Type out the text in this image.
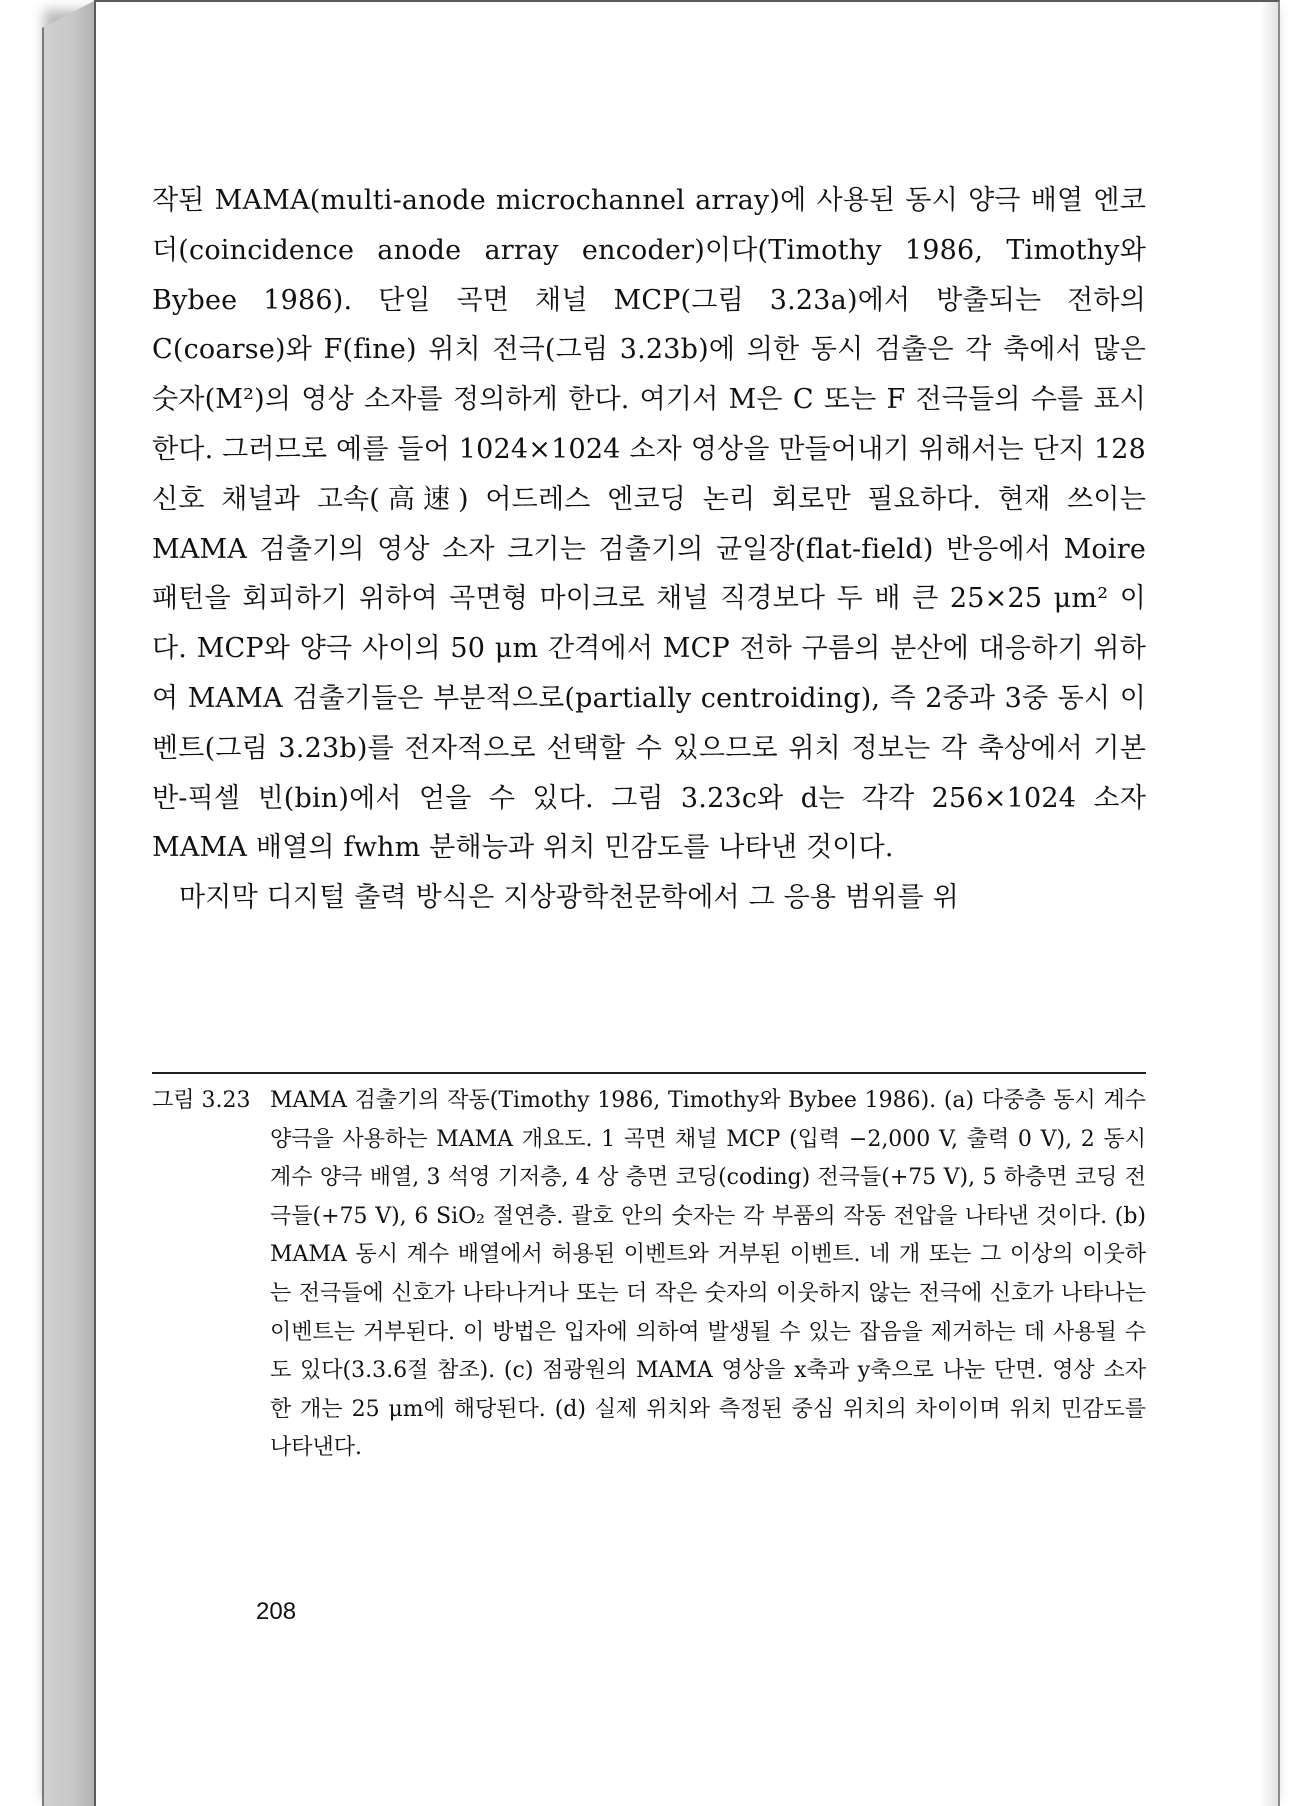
작된 MAMA(multi-anode microchannel array)에 사용된 동시 양극 배열 엔코더(coincidence anode array encoder)이다(Timothy 1986, Timothy와 Bybee 1986). 단일 곡면 채널 MCP(그림 3.23a)에서 방출되는 전하의 C(coarse)와 F(fine) 위치 전극(그림 3.23b)에 의한 동시 검출은 각 축에서 많은 숫자(M²)의 영상 소자를 정의하게 한다. 여기서 M은 C 또는 F 전극들의 수를 표시한다. 그러므로 예를 들어 1024×1024 소자 영상을 만들어내기 위해서는 단지 128 신호 채널과 고속(高速) 어드레스 엔코딩 논리 회로만 필요하다. 현재 쓰이는 MAMA 검출기의 영상 소자 크기는 검출기의 균일장(flat-field) 반응에서 Moire 패턴을 회피하기 위하여 곡면형 마이크로 채널 직경보다 두 배 큰 25×25 μm² 이다. MCP와 양극 사이의 50 μm 간격에서 MCP 전하 구름의 분산에 대응하기 위하여 MAMA 검출기들은 부분적으로(partially centroiding), 즉 2중과 3중 동시 이벤트(그림 3.23b)를 전자적으로 선택할 수 있으므로 위치 정보는 각 축상에서 기본 반-픽셀 빈(bin)에서 얻을 수 있다. 그림 3.23c와 d는 각각 256×1024 소자 MAMA 배열의 fwhm 분해능과 위치 민감도를 나타낸 것이다.

마지막 디지털 출력 방식은 지상광학천문학에서 그 응용 범위를 위

그림 3.23 MAMA 검출기의 작동(Timothy 1986, Timothy와 Bybee 1986). (a) 다중층 동시 계수 양극을 사용하는 MAMA 개요도. 1 곡면 채널 MCP (입력 −2,000 V, 출력 0 V), 2 동시 계수 양극 배열, 3 석영 기저층, 4 상 층면 코딩(coding) 전극들(+75 V), 5 하층면 코딩 전극들(+75 V), 6 SiO₂ 절연층. 괄호 안의 숫자는 각 부품의 작동 전압을 나타낸 것이다. (b) MAMA 동시 계수 배열에서 허용된 이벤트와 거부된 이벤트. 네 개 또는 그 이상의 이웃하는 전극들에 신호가 나타나거나 또는 더 작은 숫자의 이웃하지 않는 전극에 신호가 나타나는 이벤트는 거부된다. 이 방법은 입자에 의하여 발생될 수 있는 잡음을 제거하는 데 사용될 수도 있다(3.3.6절 참조). (c) 점광원의 MAMA 영상을 x축과 y축으로 나눈 단면. 영상 소자 한 개는 25 μm에 해당된다. (d) 실제 위치와 측정된 중심 위치의 차이이며 위치 민감도를 나타낸다.
208
